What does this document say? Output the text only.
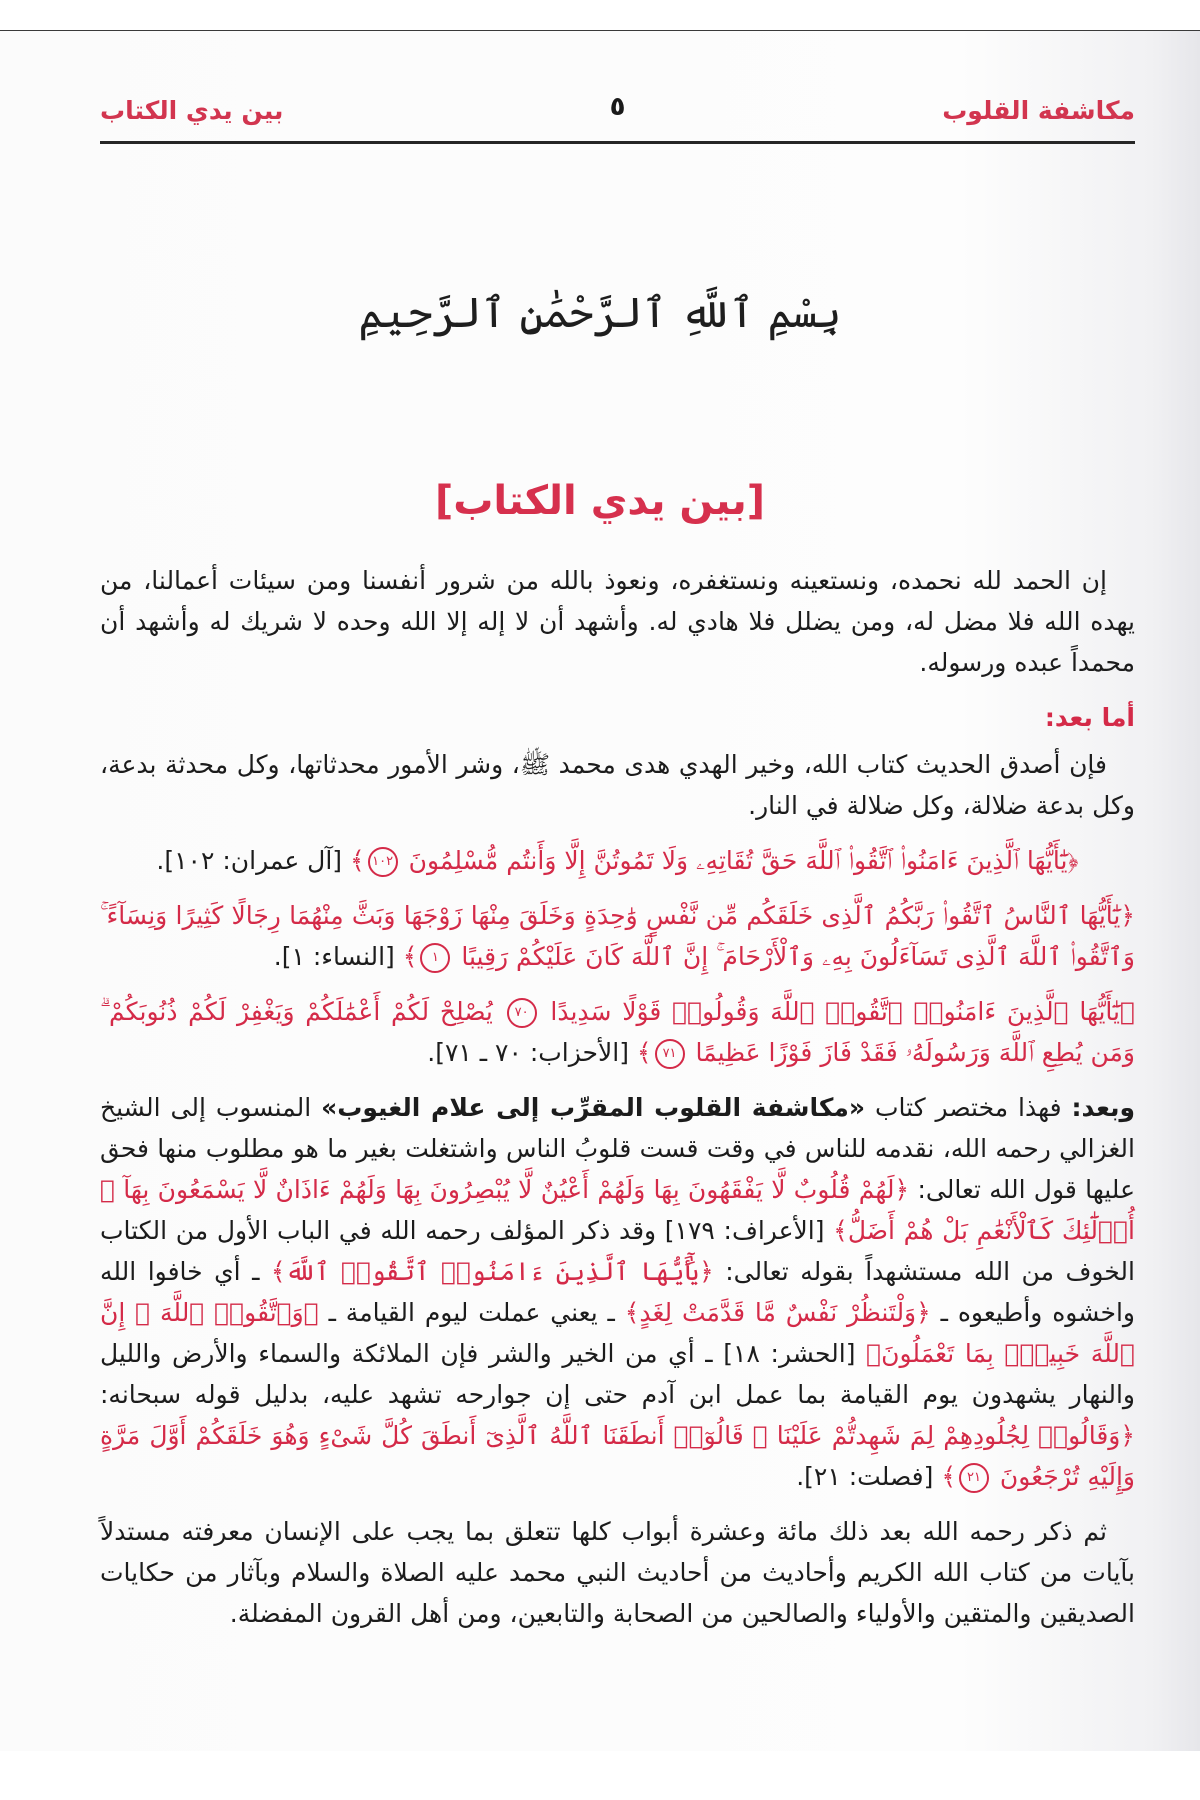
مكاشفة القلوب
٥
بين يدي الكتاب
بِسْمِ ٱللَّهِ ٱلرَّحْمَٰنِ ٱلرَّحِيمِ
[بين يدي الكتاب]

إن الحمد لله نحمده، ونستعينه ونستغفره، ونعوذ بالله من شرور أنفسنا ومن سيئات أعمالنا، من يهده الله فلا مضل له، ومن يضلل فلا هادي له. وأشهد أن لا إله إلا الله وحده لا شريك له وأشهد أن محمداً عبده ورسوله.

أما بعد:

فإن أصدق الحديث كتاب الله، وخير الهدي هدى محمد ﷺ، وشر الأمور محدثاتها، وكل محدثة بدعة، وكل بدعة ضلالة، وكل ضلالة في النار.

﴿يَٰٓأَيُّهَا ٱلَّذِينَ ءَامَنُوا۟ ٱتَّقُوا۟ ٱللَّهَ حَقَّ تُقَاتِهِۦ وَلَا تَمُوتُنَّ إِلَّا وَأَنتُم مُّسْلِمُونَ ١٠٢﴾ [آل عمران: ١٠٢].

﴿يَٰٓأَيُّهَا ٱلنَّاسُ ٱتَّقُوا۟ رَبَّكُمُ ٱلَّذِى خَلَقَكُم مِّن نَّفْسٍ وَٰحِدَةٍ وَخَلَقَ مِنْهَا زَوْجَهَا وَبَثَّ مِنْهُمَا رِجَالًا كَثِيرًا وَنِسَآءً ۚ وَٱتَّقُوا۟ ٱللَّهَ ٱلَّذِى تَسَآءَلُونَ بِهِۦ وَٱلْأَرْحَامَ ۚ إِنَّ ٱللَّهَ كَانَ عَلَيْكُمْ رَقِيبًا ١﴾ [النساء: ١].

﴿يَٰٓأَيُّهَا ٱلَّذِينَ ءَامَنُوا۟ ٱتَّقُوا۟ ٱللَّهَ وَقُولُوا۟ قَوْلًا سَدِيدًا ٧٠ يُصْلِحْ لَكُمْ أَعْمَٰلَكُمْ وَيَغْفِرْ لَكُمْ ذُنُوبَكُمْ ۗ وَمَن يُطِعِ ٱللَّهَ وَرَسُولَهُۥ فَقَدْ فَازَ فَوْزًا عَظِيمًا ٧١﴾ [الأحزاب: ٧٠ ـ ٧١].

وبعد: فهذا مختصر كتاب «مكاشفة القلوب المقرِّب إلى علام الغيوب» المنسوب إلى الشيخ الغزالي رحمه الله، نقدمه للناس في وقت قست قلوبُ الناس واشتغلت بغير ما هو مطلوب منها فحق عليها قول الله تعالى: ﴿لَهُمْ قُلُوبٌ لَّا يَفْقَهُونَ بِهَا وَلَهُمْ أَعْيُنٌ لَّا يُبْصِرُونَ بِهَا وَلَهُمْ ءَاذَانٌ لَّا يَسْمَعُونَ بِهَآ ۚ أُو۟لَٰٓئِكَ كَٱلْأَنْعَٰمِ بَلْ هُمْ أَضَلُّ﴾ [الأعراف: ١٧٩] وقد ذكر المؤلف رحمه الله في الباب الأول من الكتاب الخوف من الله مستشهداً بقوله تعالى: ﴿يَٰٓأَيُّهَا ٱلَّذِينَ ءَامَنُوا۟ ٱتَّقُوا۟ ٱللَّهَ﴾ ـ أي خافوا الله واخشوه وأطيعوه ـ ﴿وَلْتَنظُرْ نَفْسٌ مَّا قَدَّمَتْ لِغَدٍ﴾ ـ يعني عملت ليوم القيامة ـ ﴿وَٱتَّقُوا۟ ٱللَّهَ ۚ إِنَّ ٱللَّهَ خَبِيرٌۢ بِمَا تَعْمَلُونَ﴾ [الحشر: ١٨] ـ أي من الخير والشر فإن الملائكة والسماء والأرض والليل والنهار يشهدون يوم القيامة بما عمل ابن آدم حتى إن جوارحه تشهد عليه، بدليل قوله سبحانه: ﴿وَقَالُوا۟ لِجُلُودِهِمْ لِمَ شَهِدتُّمْ عَلَيْنَا ۖ قَالُوٓا۟ أَنطَقَنَا ٱللَّهُ ٱلَّذِىٓ أَنطَقَ كُلَّ شَىْءٍ وَهُوَ خَلَقَكُمْ أَوَّلَ مَرَّةٍ وَإِلَيْهِ تُرْجَعُونَ ٢١﴾ [فصلت: ٢١].

ثم ذكر رحمه الله بعد ذلك مائة وعشرة أبواب كلها تتعلق بما يجب على الإنسان معرفته مستدلاً بآيات من كتاب الله الكريم وأحاديث من أحاديث النبي محمد عليه الصلاة والسلام وبآثار من حكايات الصديقين والمتقين والأولياء والصالحين من الصحابة والتابعين، ومن أهل القرون المفضلة.
